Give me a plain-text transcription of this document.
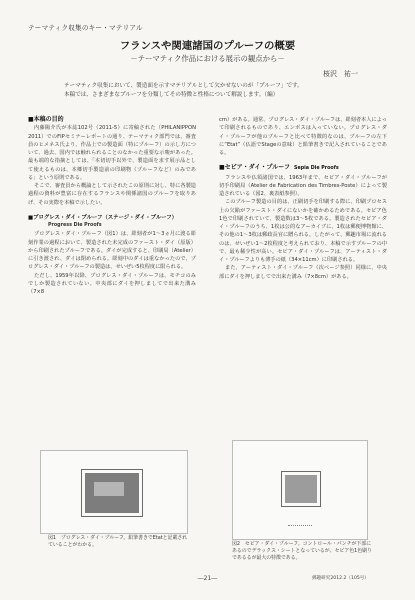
テーマティク収集のキー・マテリアル
フランスや関連諸国のプルーフの概要
－テーマティク作品における展示の観点から－
桜沢　祐一

テーマティク収集において、製造面を示すマテリアルとして欠かせないのが「プルーフ」です。

本稿では、さまざまなプルーフを分類してその特徴と性格について解説します。（編）

■本稿の目的

内藤陽介氏が本誌102号（2011-5）に寄稿された（PHILANIPPON 2011）でのFIPセミナーレポートの通り、テーマティク部門では、審査員のヒメネス氏より、作品上での製造面（特にプルーフ）の示し方について、過去、国内では触れられることのなかった重要な示唆があった。最も端的な指摘としては、「本切切手以外で、製造面を求す展示品として使えるものは、本郷切手製造前の印刷物（プルーフなど）のみである」という原則である。

そこで、審査員から概論として示されたこの原則に対し、特に各製造過程の資料が豊富に存在するフランスや関係諸国のプルーフを取りあげ、その実際を本稿で示したい。

■プログレス・ダイ・プルーフ（ステージ・ダイ・プルーフ）

Progress Die Proofs

プログレス・ダイ・プルーフ（図1）は、彫刻者が1～3ヵ月に渡る彫刻作業の過程において、製造された未完成のファースト・ダイ（原版）から印刷されたプルーフである。ダイが完成すると、印刷局（Atelier）に引き渡され、ダイは閉められる。彫刻中のダイは重なかったので、プログレス・ダイ・プルーフの製造は、せいぜい5枚程度に限られる。

ただし、1959年以降、プログレス・ダイ・プルーフは、モチコのみでしか製造されていない。中央部にダイを押しましてで出来た溝み（7×8

cm）がある。通常、プログレス・ダイ・プルーフは、彫刻者本人によって印刷されるものであり、エンボスは入っていない。プログレス・ダイ・プルーフが他のプルーフと比べて特徴的なのは、プルーフの左下に“Etat”（仏語でStageの意味）と鉛筆書きで記入されていることである。

■セピア・ダイ・プルーフ Sepia Die Proofs

フランスや仏領諸国では、1963年まで、セピア・ダイ・プルーフが切手印刷局（Atelier de Fabrication des Timbres-Poste）によって製造されている（図2、裏表紙参照）。

このプルーフ製造の目的は、正刷切手を印刷する際に、印刷プロセス上の欠陥がファースト・ダイにないかを確かめるためである。セピア色1色で印刷されていて、製造数は3～5枚である。製造されたセピア・ダイ・プルーフのうち、1枚は公的なアーカイブに、1枚は郵便博物館に、その他の1～3枚は郵政長官に贈られる。したがって、郵趣市場に流れるのは、せいぜい1～2枚程度と考えられており、本稿で示すプルーフの中で、最も稀少性が高い。セピア・ダイ・プルーフは、アーティスト・ダイ・プルーフよりも薄手の紙（34×11cm）に印刷される。

また、アーティスト・ダイ・プルーフ（次ページ参照）同様に、中央部にダイを押しましてで出来た溝み（7×8cm）がある。

図1　プログレス・ダイ・プルーフ。鉛筆書きでEtatと記載されていることがわかる。	図2　セピア・ダイ・プルーフ。コントロール・パンチが下部にあるのでデラックス・シートとなっているが、セピア色1色刷りであるるが最大の特徴である。
―21―	郵趣研究2012.2（105号）
